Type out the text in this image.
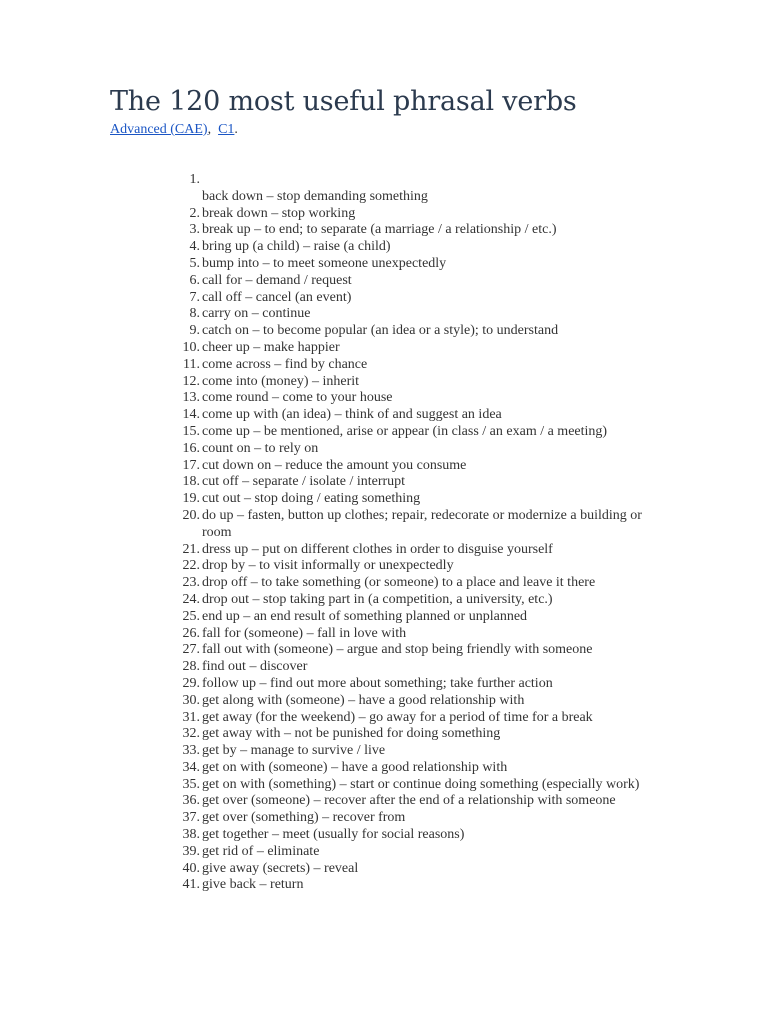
The 120 most useful phrasal verbs
Advanced (CAE), C1.
1.

back down – stop demanding something
2. break down – stop working
3. break up – to end; to separate (a marriage / a relationship / etc.)
4. bring up (a child) – raise (a child)
5. bump into – to meet someone unexpectedly
6. call for – demand / request
7. call off – cancel (an event)
8. carry on – continue
9. catch on – to become popular (an idea or a style); to understand
10. cheer up – make happier
11. come across – find by chance
12. come into (money) – inherit
13. come round – come to your house
14. come up with (an idea) – think of and suggest an idea
15. come up – be mentioned, arise or appear (in class / an exam / a meeting)
16. count on – to rely on
17. cut down on – reduce the amount you consume
18. cut off – separate / isolate / interrupt
19. cut out – stop doing / eating something
20. do up – fasten, button up clothes; repair, redecorate or modernize a building or room
21. dress up – put on different clothes in order to disguise yourself
22. drop by – to visit informally or unexpectedly
23. drop off – to take something (or someone) to a place and leave it there
24. drop out – stop taking part in (a competition, a university, etc.)
25. end up – an end result of something planned or unplanned
26. fall for (someone) – fall in love with
27. fall out with (someone) – argue and stop being friendly with someone
28. find out – discover
29. follow up – find out more about something; take further action
30. get along with (someone) – have a good relationship with
31. get away (for the weekend) – go away for a period of time for a break
32. get away with – not be punished for doing something
33. get by – manage to survive / live
34. get on with (someone) – have a good relationship with
35. get on with (something) – start or continue doing something (especially work)
36. get over (someone) – recover after the end of a relationship with someone
37. get over (something) – recover from
38. get together – meet (usually for social reasons)
39. get rid of – eliminate
40. give away (secrets) – reveal
41. give back – return
